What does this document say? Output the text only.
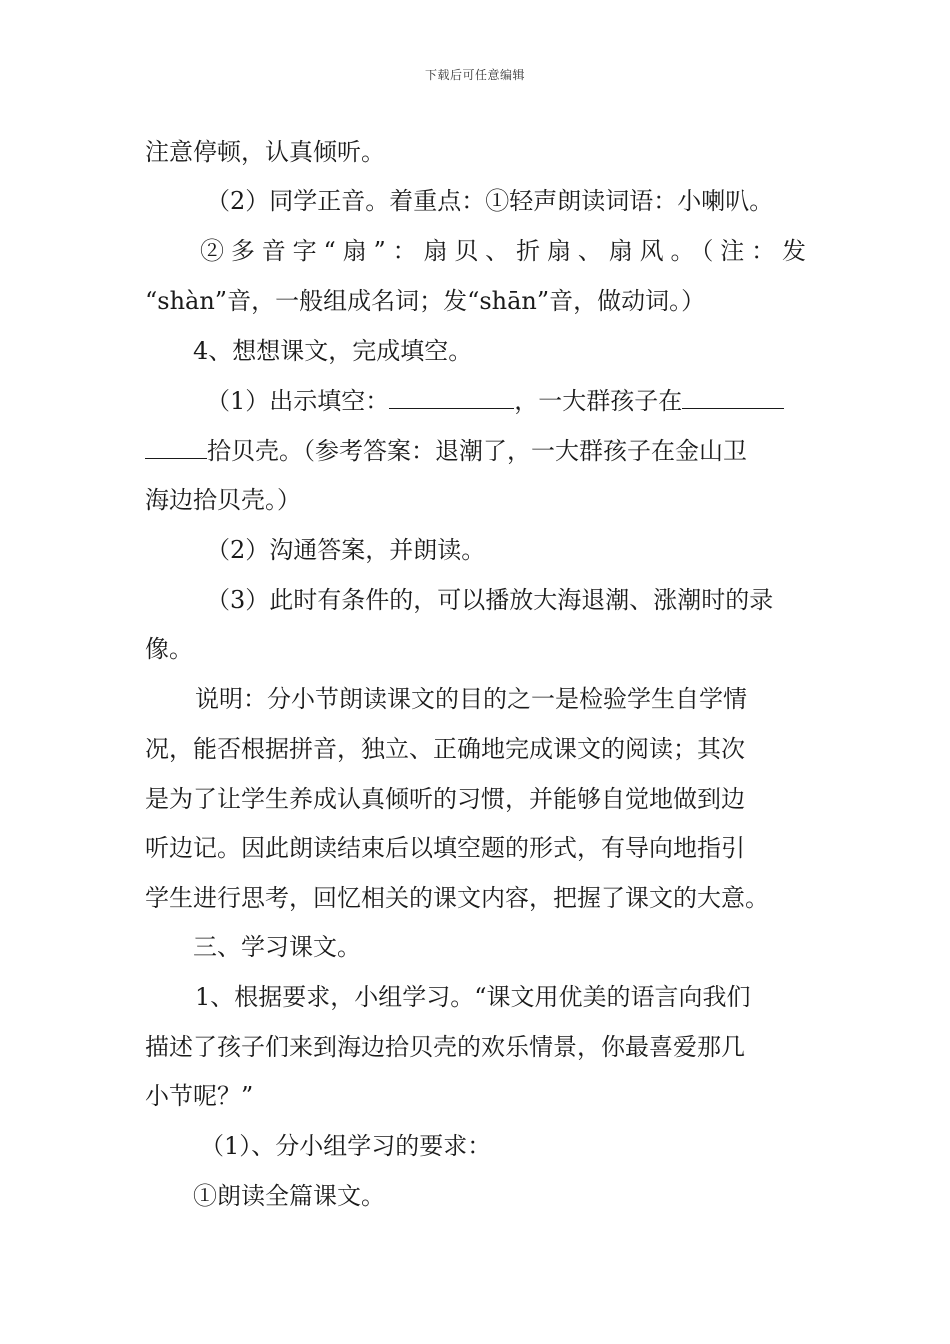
下载后可任意编辑
注意停顿，认真倾听。
（2）同学正音。着重点：①轻声朗读词语：小喇叭。
②多音字“扇”：扇贝、折扇、扇风。（注：发
“shàn”音，一般组成名词；发“shān”音，做动词。）
4、想想课文，完成填空。
（1）出示填空：	，一大群孩子在
拾贝壳。（参考答案：退潮了，一大群孩子在金山卫
海边拾贝壳。）
（2）沟通答案，并朗读。
（3）此时有条件的，可以播放大海退潮、涨潮时的录
像。
说明：分小节朗读课文的目的之一是检验学生自学情
况，能否根据拼音，独立、正确地完成课文的阅读；其次
是为了让学生养成认真倾听的习惯，并能够自觉地做到边
听边记。因此朗读结束后以填空题的形式，有导向地指引
学生进行思考，回忆相关的课文内容，把握了课文的大意。
三、学习课文。
1、根据要求，小组学习。“课文用优美的语言向我们
描述了孩子们来到海边拾贝壳的欢乐情景，你最喜爱那几
小节呢？”
（1）、分小组学习的要求：
①朗读全篇课文。
